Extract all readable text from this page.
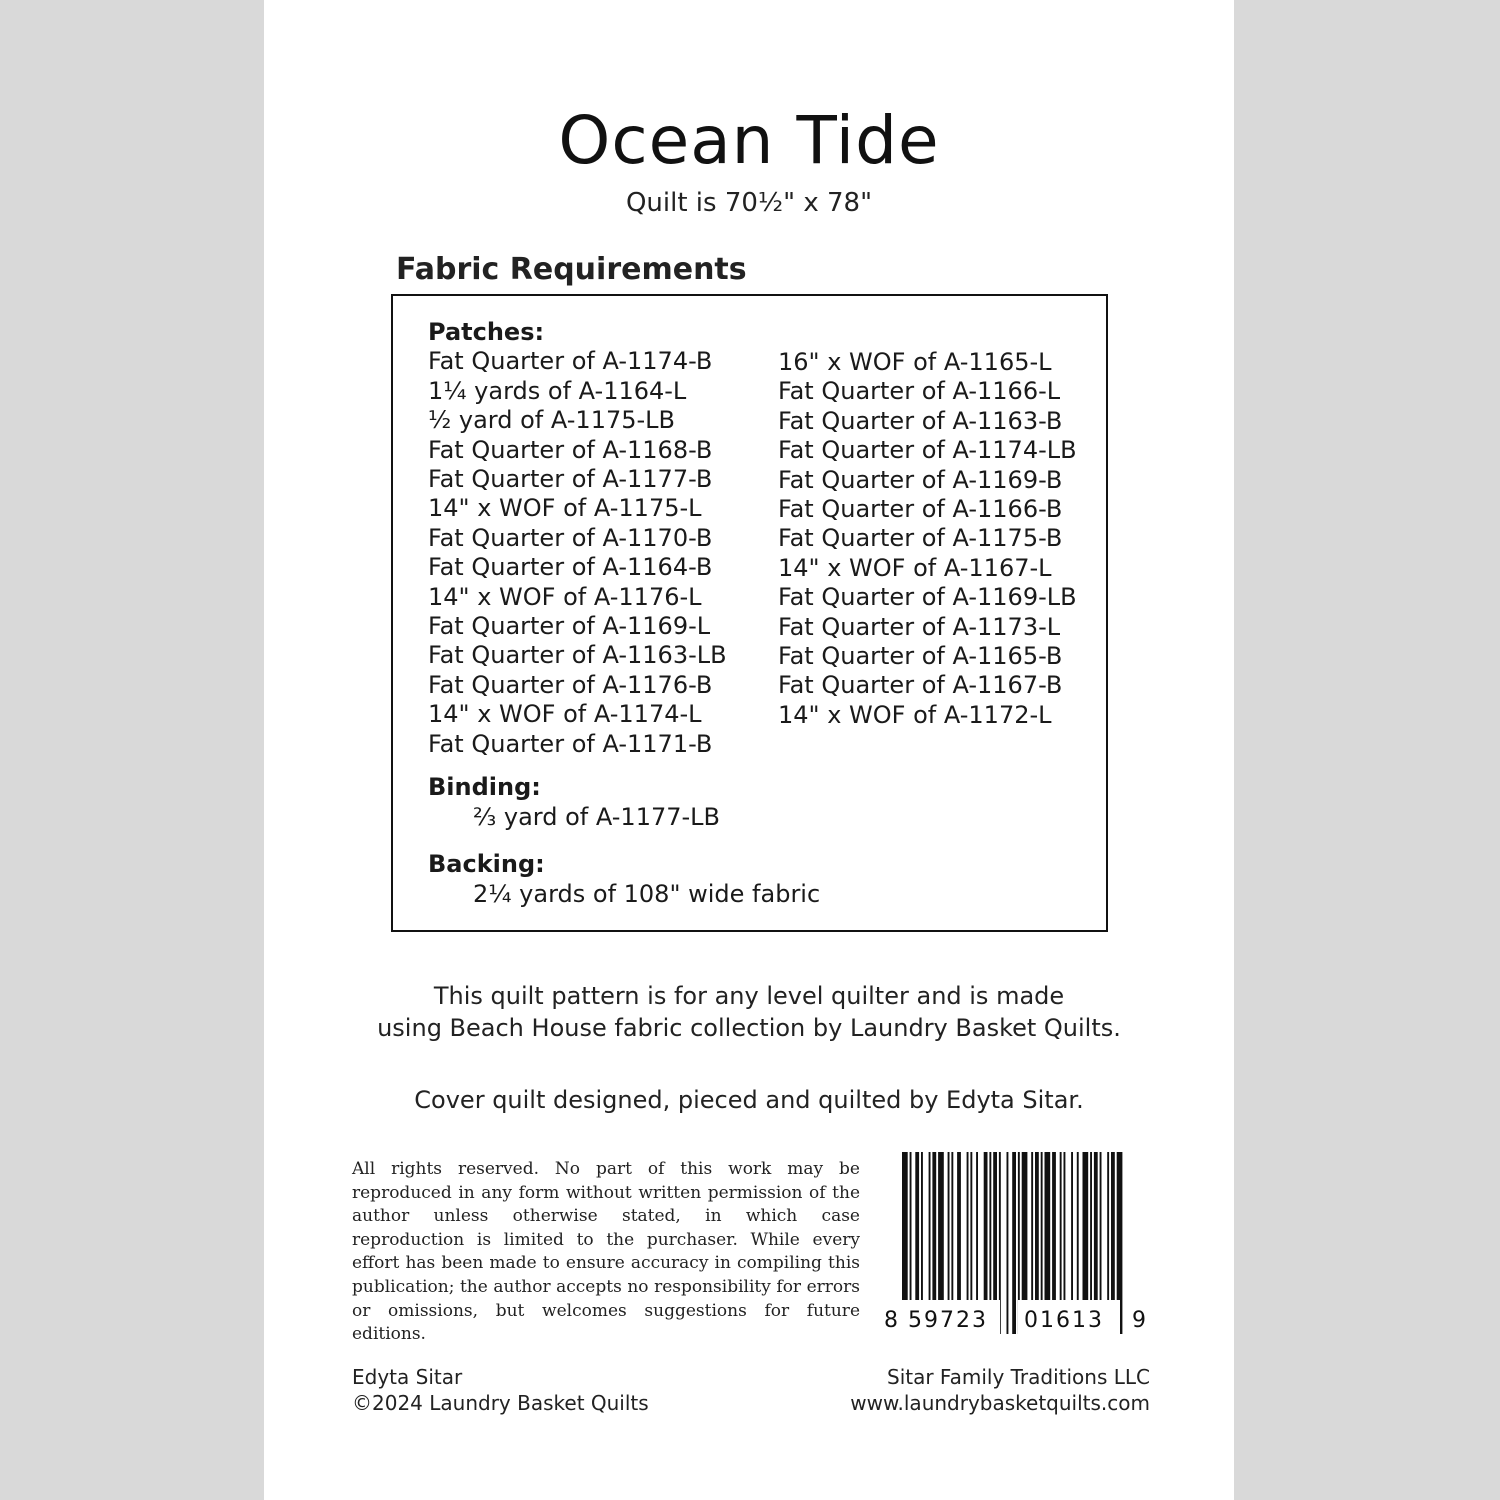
Ocean Tide
Quilt is 70½" x 78"
Fabric Requirements
Patches:
Fat Quarter of A-1174-B
1¼ yards of A-1164-L
½ yard of A-1175-LB
Fat Quarter of A-1168-B
Fat Quarter of A-1177-B
14" x WOF of A-1175-L
Fat Quarter of A-1170-B
Fat Quarter of A-1164-B
14" x WOF of A-1176-L
Fat Quarter of A-1169-L
Fat Quarter of A-1163-LB
Fat Quarter of A-1176-B
14" x WOF of A-1174-L
Fat Quarter of A-1171-B
16" x WOF of A-1165-L
Fat Quarter of A-1166-L
Fat Quarter of A-1163-B
Fat Quarter of A-1174-LB
Fat Quarter of A-1169-B
Fat Quarter of A-1166-B
Fat Quarter of A-1175-B
14" x WOF of A-1167-L
Fat Quarter of A-1169-LB
Fat Quarter of A-1173-L
Fat Quarter of A-1165-B
Fat Quarter of A-1167-B
14" x WOF of A-1172-L
Binding:
⅔ yard of A-1177-LB
Backing:
2¼ yards of 108" wide fabric
This quilt pattern is for any level quilter and is made
using Beach House fabric collection by Laundry Basket Quilts.
Cover quilt designed, pieced and quilted by Edyta Sitar.
All rights reserved. No part of this work may be reproduced in any form without written permission of the author unless otherwise stated, in which case reproduction is limited to the purchaser. While every effort has been made to ensure accuracy in compiling this publication; the author accepts no responsibility for errors or omissions, but welcomes suggestions for future editions.
8 59723 01613 9
Edyta Sitar
©2024 Laundry Basket Quilts
Sitar Family Traditions LLC
www.laundrybasketquilts.com
